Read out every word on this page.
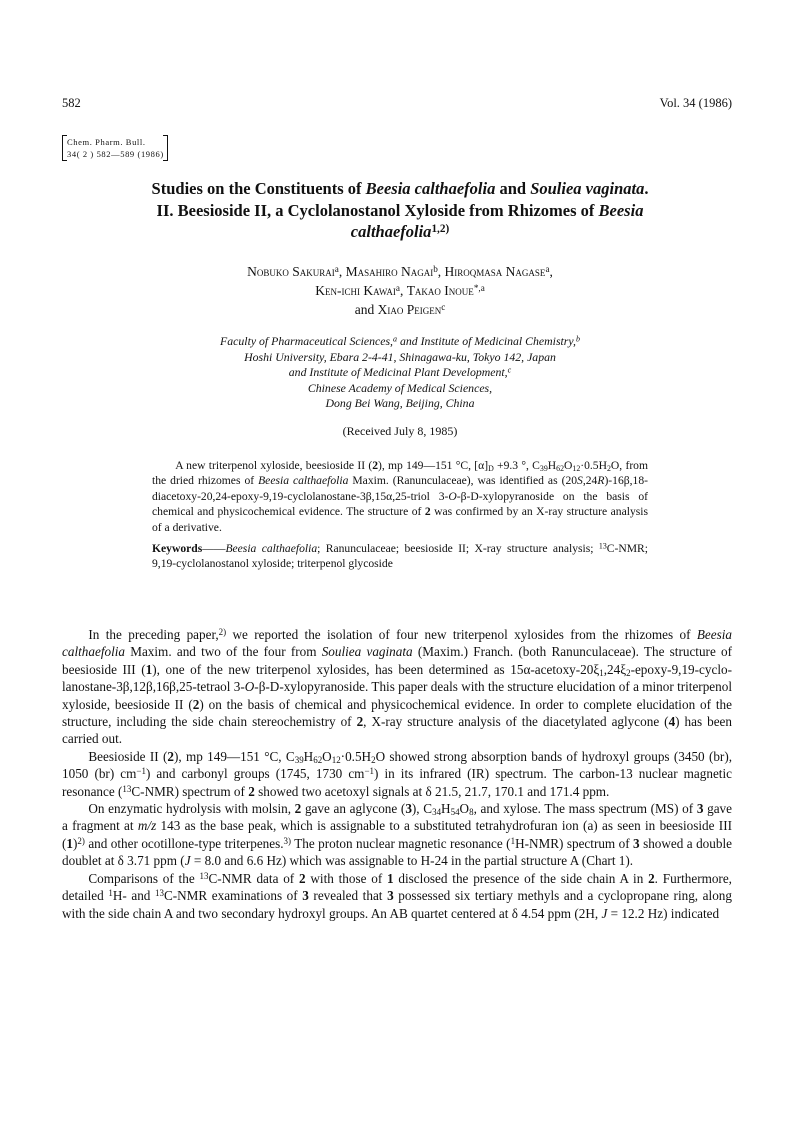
582	Vol. 34 (1986)
Chem. Pharm. Bull.
34( 2 ) 582—589 (1986)
Studies on the Constituents of Beesia calthaefolia and Souliea vaginata. II. Beesioside II, a Cyclolanostanol Xyloside from Rhizomes of Beesia calthaefolia$^{1,2)}$
Nobuko Sakurai$^a$, Masahiro Nagai$^b$, Hiroqmasa Nagase$^a$,
Ken-ichi Kawai$^a$, Takao Inoue$^{*,a}$
and Xiao Peigen$^c$
Faculty of Pharmaceutical Sciences,$^a$ and Institute of Medicinal Chemistry,$^b$
Hoshi University, Ebara 2-4-41, Shinagawa-ku, Tokyo 142, Japan
and Institute of Medicinal Plant Development,$^c$
Chinese Academy of Medical Sciences,
Dong Bei Wang, Beijing, China
(Received July 8, 1985)

A new triterpenol xyloside, beesioside II (2), mp 149—151 °C, $[\alpha]_D +9.3$ °, $C_{39}H_{62}O_{12}\cdot 0.5H_2O$, from the dried rhizomes of Beesia calthaefolia Maxim. (Ranunculaceae), was identified as (20S,24R)-16β,18-diacetoxy-20,24-epoxy-9,19-cyclolanostane-3β,15α,25-triol 3-O-β-D-xylopyranoside on the basis of chemical and physicochemical evidence. The structure of 2 was confirmed by an X-ray structure analysis of a derivative.

Keywords——Beesia calthaefolia; Ranunculaceae; beesioside II; X-ray structure analysis; $^{13}$C-NMR; 9,19-cyclolanostanol xyloside; triterpenol glycoside

In the preceding paper,$^{2)}$ we reported the isolation of four new triterpenol xylosides from the rhizomes of Beesia calthaefolia Maxim. and two of the four from Souliea vaginata (Maxim.) Franch. (both Ranunculaceae). The structure of beesioside III (1), one of the new triterpenol xylosides, has been determined as $15\alpha-acetoxy-20\xi_1,24\xi_2-epoxy-9,19-cyclo-lanostane-3\beta,12\beta,16\beta,25$-tetraol 3-O-β-D-xylopyranoside. This paper deals with the structure elucidation of a minor triterpenol xyloside, beesioside II (2) on the basis of chemical and physicochemical evidence. In order to complete elucidation of the structure, including the side chain stereochemistry of 2, X-ray structure analysis of the diacetylated aglycone (4) has been carried out.

Beesioside II (2), mp 149—151 °C, $C_{39}H_{62}O_{12}\cdot 0.5H_2O$ showed strong absorption bands of hydroxyl groups (3450 (br), 1050 (br) $cm^{-1}$) and carbonyl groups (1745, 1730 $cm^{-1}$) in its infrared (IR) spectrum. The carbon-13 nuclear magnetic resonance ($^{13}$C-NMR) spectrum of 2 showed two acetoxyl signals at δ 21.5, 21.7, 170.1 and 171.4 ppm.

On enzymatic hydrolysis with molsin, 2 gave an aglycone (3), $C_{34}H_{54}O_8$, and xylose. The mass spectrum (MS) of 3 gave a fragment at m/z 143 as the base peak, which is assignable to a substituted tetrahydrofuran ion (a) as seen in beesioside III $(1)^{2)}$ and other ocotillone-type triterpenes.$^{3)}$ The proton nuclear magnetic resonance ($^1$H-NMR) spectrum of 3 showed a double doublet at δ 3.71 ppm (J = 8.0 and 6.6 Hz) which was assignable to H-24 in the partial structure A (Chart 1).

Comparisons of the $^{13}$C-NMR data of 2 with those of 1 disclosed the presence of the side chain A in 2. Furthermore, detailed $^1$H- and $^{13}$C-NMR examinations of 3 revealed that 3 possessed six tertiary methyls and a cyclopropane ring, along with the side chain A and two secondary hydroxyl groups. An AB quartet centered at δ 4.54 ppm (2H, J = 12.2 Hz) indicated
